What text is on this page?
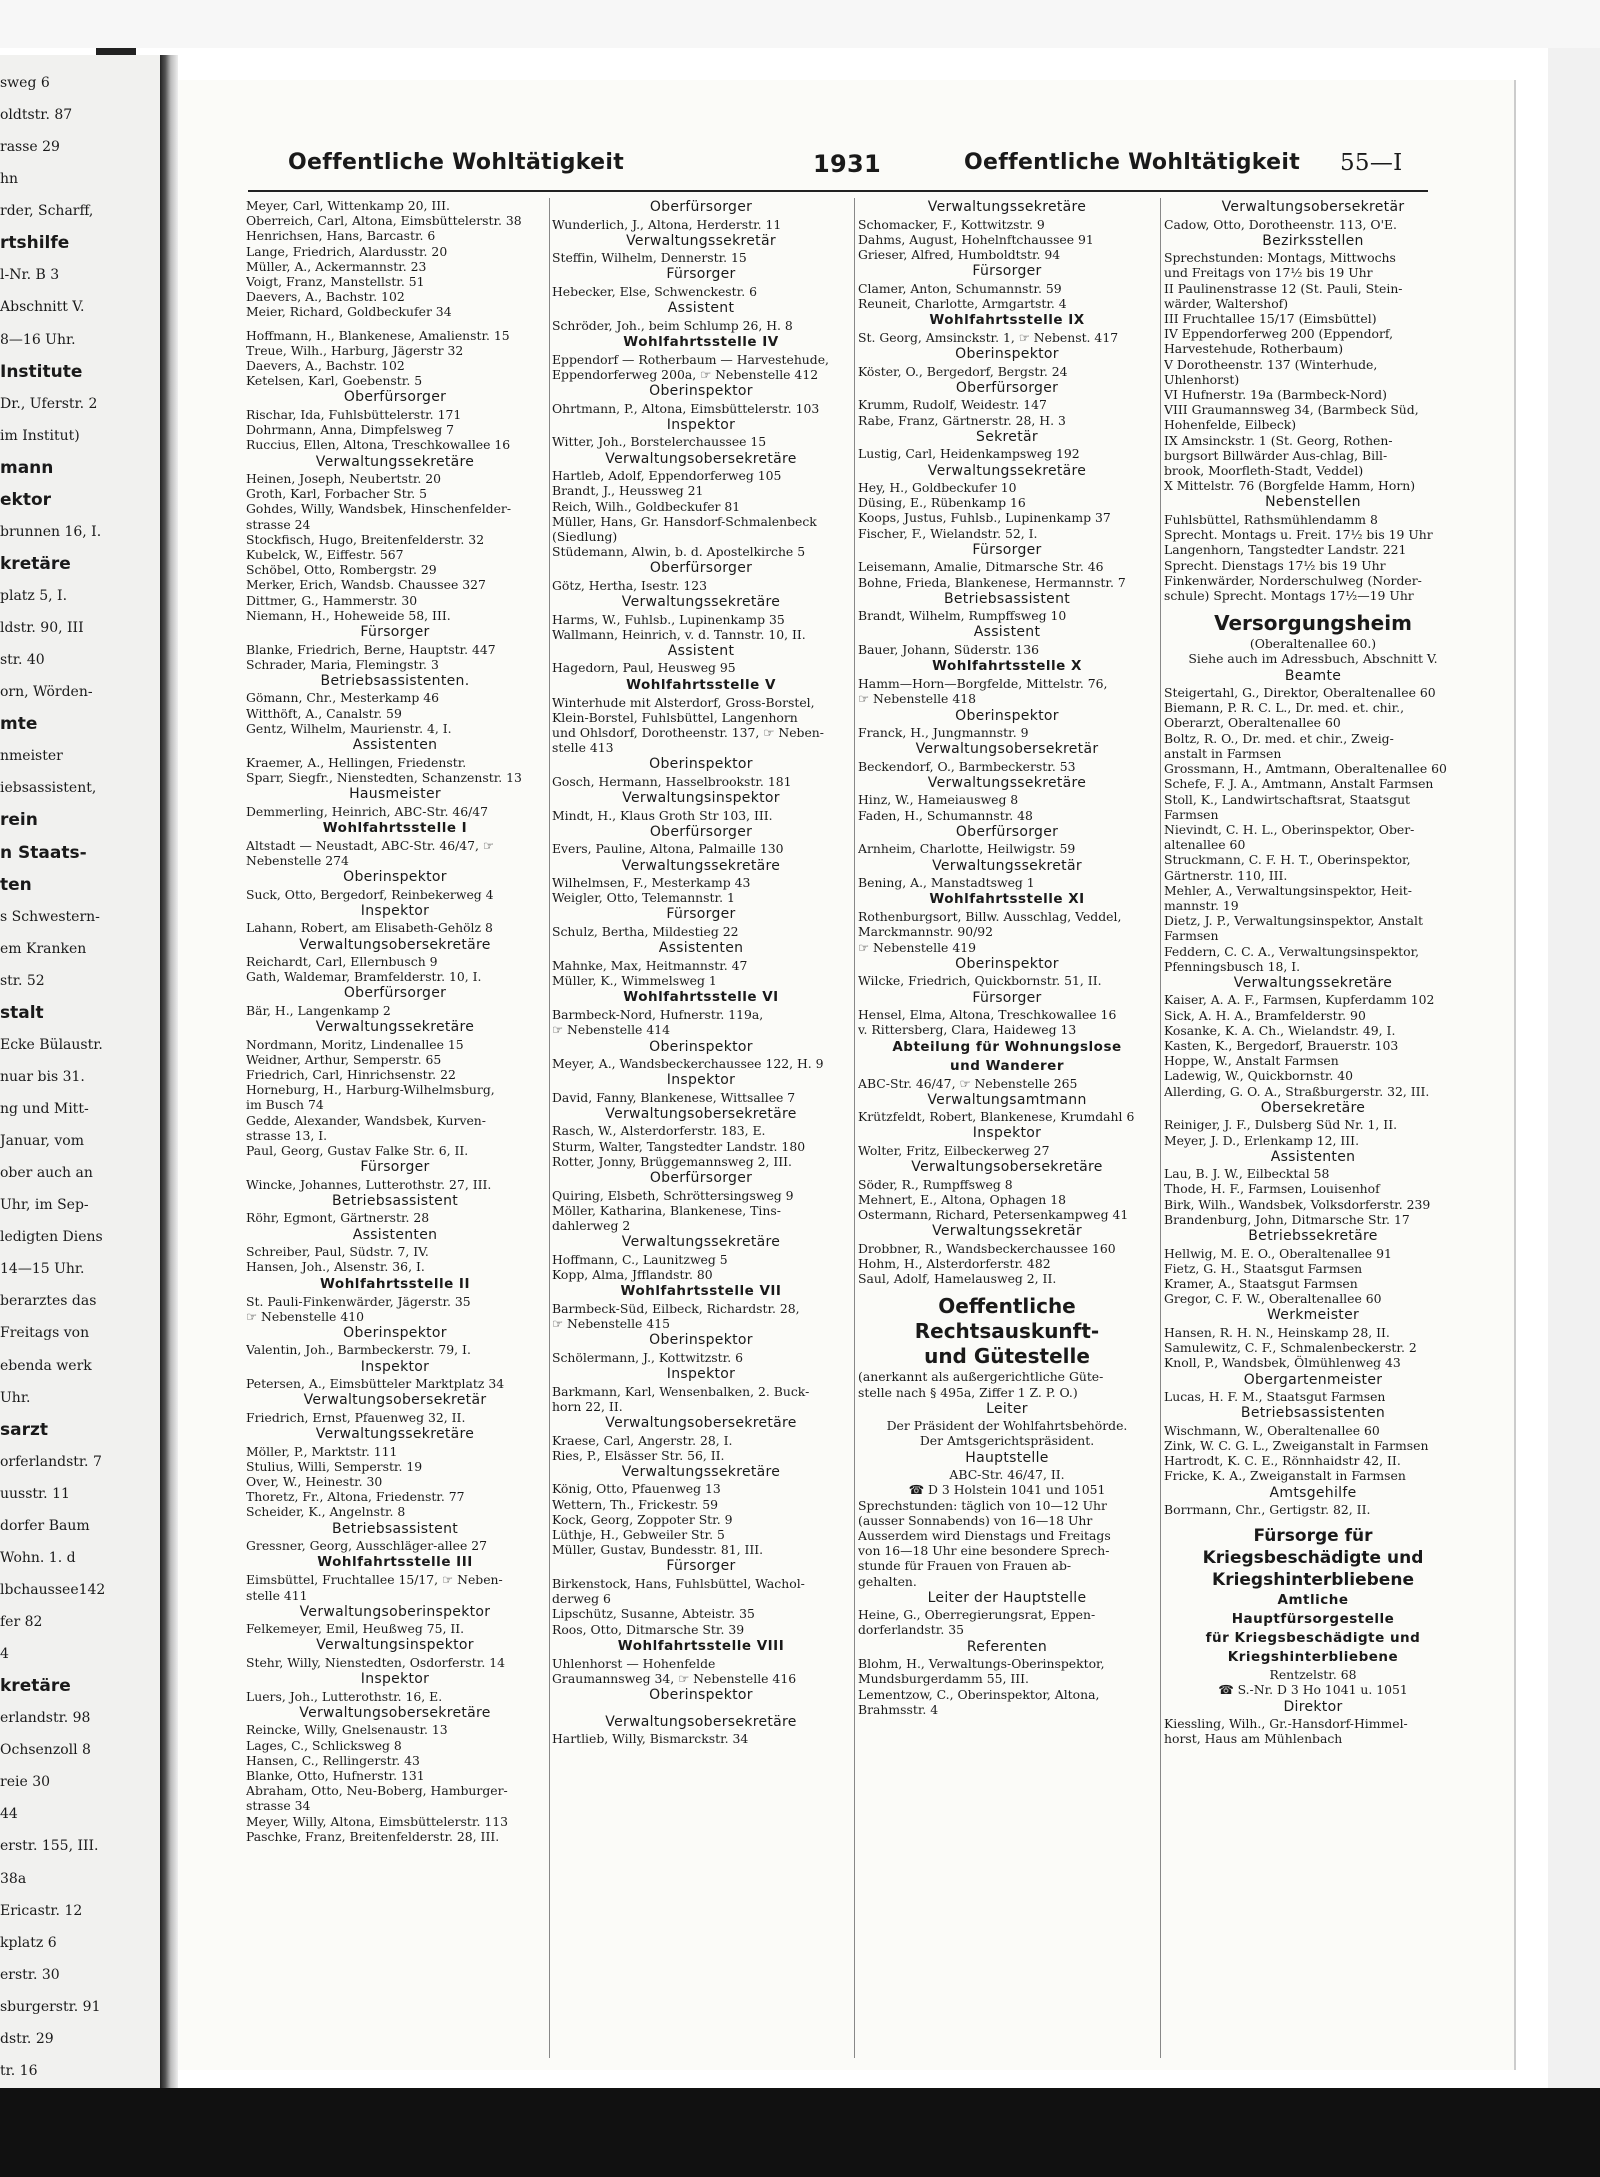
sweg 6
oldtstr. 87
rasse 29
hn
rder, Scharff,
rtshilfe
l-Nr. B 3
Abschnitt V.
8—16 Uhr.
Institute
Dr., Uferstr. 2
im Institut)
mann
ektor
brunnen 16, I.
kretäre
platz 5, I.
ldstr. 90, III
str. 40
orn, Wörden-
mte
nmeister
iebsassistent,
rein
n Staats-
ten
s Schwestern-
em Kranken
str. 52
stalt
Ecke Bülaustr.
nuar bis 31.
ng und Mitt-
Januar, vom
ober auch an
Uhr, im Sep-
ledigten Diens
14—15 Uhr.
berarztes das
Freitags von
ebenda werk
Uhr.
sarzt
orferlandstr. 7
uusstr. 11
dorfer Baum
Wohn. 1. d
lbchaussee142
fer 82
4
kretäre
erlandstr. 98
Ochsenzoll 8
reie 30
44
erstr. 155, III.
38a
Ericastr. 12
kplatz 6
erstr. 30
sburgerstr. 91
dstr. 29
tr. 16
Oeffentliche Wohltätigkeit	1931	Oeffentliche Wohltätigkeit 55—I
Meyer, Carl, Wittenkamp 20, III.
Oberreich, Carl, Altona, Eimsbüttelerstr. 38
Henrichsen, Hans, Barcastr. 6
Lange, Friedrich, Alardusstr. 20
Müller, A., Ackermannstr. 23
Voigt, Franz, Manstellstr. 51
Daevers, A., Bachstr. 102
Meier, Richard, Goldbeckufer 34
Hoffmann, H., Blankenese, Amalienstr. 15
Treue, Wilh., Harburg, Jägerstr 32
Daevers, A., Bachstr. 102
Ketelsen, Karl, Goebenstr. 5
Oberfürsorger
Rischar, Ida, Fuhlsbüttelerstr. 171
Dohrmann, Anna, Dimpfelsweg 7
Ruccius, Ellen, Altona, Treschkowallee 16
Verwaltungssekretäre
Heinen, Joseph, Neubertstr. 20
Groth, Karl, Forbacher Str. 5
Gohdes, Willy, Wandsbek, Hinschenfelder-
strasse 24
Stockfisch, Hugo, Breitenfelderstr. 32
Kubelck, W., Eiffestr. 567
Schöbel, Otto, Rombergstr. 29
Merker, Erich, Wandsb. Chaussee 327
Dittmer, G., Hammerstr. 30
Niemann, H., Hoheweide 58, III.
Fürsorger
Blanke, Friedrich, Berne, Hauptstr. 447
Schrader, Maria, Flemingstr. 3
Betriebsassistenten.
Gömann, Chr., Mesterkamp 46
Witthöft, A., Canalstr. 59
Gentz, Wilhelm, Maurienstr. 4, I.
Assistenten
Kraemer, A., Hellingen, Friedenstr.
Sparr, Siegfr., Nienstedten, Schanzenstr. 13
Hausmeister
Demmerling, Heinrich, ABC-Str. 46/47
Wohlfahrtsstelle I
Altstadt — Neustadt, ABC-Str. 46/47, ☞
Nebenstelle 274
Oberinspektor
Suck, Otto, Bergedorf, Reinbekerweg 4
Inspektor
Lahann, Robert, am Elisabeth-Gehölz 8
Verwaltungsobersekretäre
Reichardt, Carl, Ellernbusch 9
Gath, Waldemar, Bramfelderstr. 10, I.
Oberfürsorger
Bär, H., Langenkamp 2
Verwaltungssekretäre
Nordmann, Moritz, Lindenallee 15
Weidner, Arthur, Semperstr. 65
Friedrich, Carl, Hinrichsenstr. 22
Horneburg, H., Harburg-Wilhelmsburg,
im Busch 74
Gedde, Alexander, Wandsbek, Kurven-
strasse 13, I.
Paul, Georg, Gustav Falke Str. 6, II.
Fürsorger
Wincke, Johannes, Lutterothstr. 27, III.
Betriebsassistent
Röhr, Egmont, Gärtnerstr. 28
Assistenten
Schreiber, Paul, Südstr. 7, IV.
Hansen, Joh., Alsenstr. 36, I.
Wohlfahrtsstelle II
St. Pauli-Finkenwärder, Jägerstr. 35
☞ Nebenstelle 410
Oberinspektor
Valentin, Joh., Barmbeckerstr. 79, I.
Inspektor
Petersen, A., Eimsbütteler Marktplatz 34
Verwaltungsobersekretär
Friedrich, Ernst, Pfauenweg 32, II.
Verwaltungssekretäre
Möller, P., Marktstr. 111
Stulius, Willi, Semperstr. 19
Over, W., Heinestr. 30
Thoretz, Fr., Altona, Friedenstr. 77
Scheider, K., Angelnstr. 8
Betriebsassistent
Gressner, Georg, Ausschläger-allee 27
Wohlfahrtsstelle III
Eimsbüttel, Fruchtallee 15/17, ☞ Neben-
stelle 411
Verwaltungsoberinspektor
Felkemeyer, Emil, Heußweg 75, II.
Verwaltungsinspektor
Stehr, Willy, Nienstedten, Osdorferstr. 14
Inspektor
Luers, Joh., Lutterothstr. 16, E.
Verwaltungsobersekretäre
Reincke, Willy, Gnelsenaustr. 13
Lages, C., Schlicksweg 8
Hansen, C., Rellingerstr. 43
Blanke, Otto, Hufnerstr. 131
Abraham, Otto, Neu-Boberg, Hamburger-
strasse 34
Meyer, Willy, Altona, Eimsbüttelerstr. 113
Paschke, Franz, Breitenfelderstr. 28, III.
Oberfürsorger
Wunderlich, J., Altona, Herderstr. 11
Verwaltungssekretär
Steffin, Wilhelm, Dennerstr. 15
Fürsorger
Hebecker, Else, Schwenckestr. 6
Assistent
Schröder, Joh., beim Schlump 26, H. 8
Wohlfahrtsstelle IV
Eppendorf — Rotherbaum — Harvestehude,
Eppendorferweg 200a, ☞ Nebenstelle 412
Oberinspektor
Ohrtmann, P., Altona, Eimsbüttelerstr. 103
Inspektor
Witter, Joh., Borstelerchaussee 15
Verwaltungsobersekretäre
Hartleb, Adolf, Eppendorferweg 105
Brandt, J., Heussweg 21
Reich, Wilh., Goldbeckufer 81
Müller, Hans, Gr. Hansdorf-Schmalenbeck
(Siedlung)
Stüdemann, Alwin, b. d. Apostelkirche 5
Oberfürsorger
Götz, Hertha, Isestr. 123
Verwaltungssekretäre
Harms, W., Fuhlsb., Lupinenkamp 35
Wallmann, Heinrich, v. d. Tannstr. 10, II.
Assistent
Hagedorn, Paul, Heusweg 95
Wohlfahrtsstelle V
Winterhude mit Alsterdorf, Gross-Borstel,
Klein-Borstel, Fuhlsbüttel, Langenhorn
und Ohlsdorf, Dorotheenstr. 137, ☞ Neben-
stelle 413
Oberinspektor
Gosch, Hermann, Hasselbrookstr. 181
Verwaltungsinspektor
Mindt, H., Klaus Groth Str 103, III.
Oberfürsorger
Evers, Pauline, Altona, Palmaille 130
Verwaltungssekretäre
Wilhelmsen, F., Mesterkamp 43
Weigler, Otto, Telemannstr. 1
Fürsorger
Schulz, Bertha, Mildestieg 22
Assistenten
Mahnke, Max, Heitmannstr. 47
Müller, K., Wimmelsweg 1
Wohlfahrtsstelle VI
Barmbeck-Nord, Hufnerstr. 119a,
☞ Nebenstelle 414
Oberinspektor
Meyer, A., Wandsbeckerchaussee 122, H. 9
Inspektor
David, Fanny, Blankenese, Wittsallee 7
Verwaltungsobersekretäre
Rasch, W., Alsterdorferstr. 183, E.
Sturm, Walter, Tangstedter Landstr. 180
Rotter, Jonny, Brüggemannsweg 2, III.
Oberfürsorger
Quiring, Elsbeth, Schröttersingsweg 9
Möller, Katharina, Blankenese, Tins-
dahlerweg 2
Verwaltungssekretäre
Hoffmann, C., Launitzweg 5
Kopp, Alma, Jfflandstr. 80
Wohlfahrtsstelle VII
Barmbeck-Süd, Eilbeck, Richardstr. 28,
☞ Nebenstelle 415
Oberinspektor
Schölermann, J., Kottwitzstr. 6
Inspektor
Barkmann, Karl, Wensenbalken, 2. Buck-
horn 22, II.
Verwaltungsobersekretäre
Kraese, Carl, Angerstr. 28, I.
Ries, P., Elsässer Str. 56, II.
Verwaltungssekretäre
König, Otto, Pfauenweg 13
Wettern, Th., Frickestr. 59
Kock, Georg, Zoppoter Str. 9
Lüthje, H., Gebweiler Str. 5
Müller, Gustav, Bundesstr. 81, III.
Fürsorger
Birkenstock, Hans, Fuhlsbüttel, Wachol-
derweg 6
Lipschütz, Susanne, Abteistr. 35
Roos, Otto, Ditmarsche Str. 39
Wohlfahrtsstelle VIII
Uhlenhorst — Hohenfelde
Graumannsweg 34, ☞ Nebenstelle 416
Oberinspektor
Verwaltungsobersekretäre
Hartlieb, Willy, Bismarckstr. 34
Verwaltungssekretäre
Schomacker, F., Kottwitzstr. 9
Dahms, August, Hohelnftchaussee 91
Grieser, Alfred, Humboldtstr. 94
Fürsorger
Clamer, Anton, Schumannstr. 59
Reuneit, Charlotte, Armgartstr. 4
Wohlfahrtsstelle IX
St. Georg, Amsinckstr. 1, ☞ Nebenst. 417
Oberinspektor
Köster, O., Bergedorf, Bergstr. 24
Oberfürsorger
Krumm, Rudolf, Weidestr. 147
Rabe, Franz, Gärtnerstr. 28, H. 3
Sekretär
Lustig, Carl, Heidenkampsweg 192
Verwaltungssekretäre
Hey, H., Goldbeckufer 10
Düsing, E., Rübenkamp 16
Koops, Justus, Fuhlsb., Lupinenkamp 37
Fischer, F., Wielandstr. 52, I.
Fürsorger
Leisemann, Amalie, Ditmarsche Str. 46
Bohne, Frieda, Blankenese, Hermannstr. 7
Betriebsassistent
Brandt, Wilhelm, Rumpffsweg 10
Assistent
Bauer, Johann, Süderstr. 136
Wohlfahrtsstelle X
Hamm—Horn—Borgfelde, Mittelstr. 76,
☞ Nebenstelle 418
Oberinspektor
Franck, H., Jungmannstr. 9
Verwaltungsobersekretär
Beckendorf, O., Barmbeckerstr. 53
Verwaltungssekretäre
Hinz, W., Hameiausweg 8
Faden, H., Schumannstr. 48
Oberfürsorger
Arnheim, Charlotte, Heilwigstr. 59
Verwaltungssekretär
Bening, A., Manstadtsweg 1
Wohlfahrtsstelle XI
Rothenburgsort, Billw. Ausschlag, Veddel,
Marckmannstr. 90/92
☞ Nebenstelle 419
Oberinspektor
Wilcke, Friedrich, Quickbornstr. 51, II.
Fürsorger
Hensel, Elma, Altona, Treschkowallee 16
v. Rittersberg, Clara, Haideweg 13
Abteilung für Wohnungslose
und Wanderer
ABC-Str. 46/47, ☞ Nebenstelle 265
Verwaltungsamtmann
Krützfeldt, Robert, Blankenese, Krumdahl 6
Inspektor
Wolter, Fritz, Eilbeckerweg 27
Verwaltungsobersekretäre
Söder, R., Rumpffsweg 8
Mehnert, E., Altona, Ophagen 18
Ostermann, Richard, Petersenkampweg 41
Verwaltungssekretär
Drobbner, R., Wandsbeckerchaussee 160
Hohm, H., Alsterdorferstr. 482
Saul, Adolf, Hamelausweg 2, II.
Oeffentliche
Rechtsauskunft-
und Gütestelle
(anerkannt als außergerichtliche Güte-
stelle nach § 495a, Ziffer 1 Z. P. O.)
Leiter
Der Präsident der Wohlfahrtsbehörde.
Der Amtsgerichtspräsident.
Hauptstelle
ABC-Str. 46/47, II.
☎ D 3 Holstein 1041 und 1051
Sprechstunden: täglich von 10—12 Uhr
(ausser Sonnabends) von 16—18 Uhr
Ausserdem wird Dienstags und Freitags
von 16—18 Uhr eine besondere Sprech-
stunde für Frauen von Frauen ab-
gehalten.
Leiter der Hauptstelle
Heine, G., Oberregierungsrat, Eppen-
dorferlandstr. 35
Referenten
Blohm, H., Verwaltungs-Oberinspektor,
Mundsburgerdamm 55, III.
Lementzow, C., Oberinspektor, Altona,
Brahmsstr. 4
Verwaltungsobersekretär
Cadow, Otto, Dorotheenstr. 113, O'E.
Bezirksstellen
Sprechstunden: Montags, Mittwochs
und Freitags von 17½ bis 19 Uhr
II Paulinenstrasse 12 (St. Pauli, Stein-
wärder, Waltershof)
III Fruchtallee 15/17 (Eimsbüttel)
IV Eppendorferweg 200 (Eppendorf,
Harvestehude, Rotherbaum)
V Dorotheenstr. 137 (Winterhude,
Uhlenhorst)
VI Hufnerstr. 19a (Barmbeck-Nord)
VIII Graumannsweg 34, (Barmbeck Süd,
Hohenfelde, Eilbeck)
IX Amsinckstr. 1 (St. Georg, Rothen-
burgsort Billwärder Aus-chlag, Bill-
brook, Moorfleth-Stadt, Veddel)
X Mittelstr. 76 (Borgfelde Hamm, Horn)
Nebenstellen
Fuhlsbüttel, Rathsmühlendamm 8
Sprecht. Montags u. Freit. 17½ bis 19 Uhr
Langenhorn, Tangstedter Landstr. 221
Sprecht. Dienstags 17½ bis 19 Uhr
Finkenwärder, Norderschulweg (Norder-
schule) Sprecht. Montags 17½—19 Uhr
Versorgungsheim
(Oberaltenallee 60.)
Siehe auch im Adressbuch, Abschnitt V.
Beamte
Steigertahl, G., Direktor, Oberaltenallee 60
Biemann, P. R. C. L., Dr. med. et. chir.,
Oberarzt, Oberaltenallee 60
Boltz, R. O., Dr. med. et chir., Zweig-
anstalt in Farmsen
Grossmann, H., Amtmann, Oberaltenallee 60
Schefe, F. J. A., Amtmann, Anstalt Farmsen
Stoll, K., Landwirtschaftsrat, Staatsgut
Farmsen
Nievindt, C. H. L., Oberinspektor, Ober-
altenallee 60
Struckmann, C. F. H. T., Oberinspektor,
Gärtnerstr. 110, III.
Mehler, A., Verwaltungsinspektor, Heit-
mannstr. 19
Dietz, J. P., Verwaltungsinspektor, Anstalt
Farmsen
Feddern, C. C. A., Verwaltungsinspektor,
Pfenningsbusch 18, I.
Verwaltungssekretäre
Kaiser, A. A. F., Farmsen, Kupferdamm 102
Sick, A. H. A., Bramfelderstr. 90
Kosanke, K. A. Ch., Wielandstr. 49, I.
Kasten, K., Bergedorf, Brauerstr. 103
Hoppe, W., Anstalt Farmsen
Ladewig, W., Quickbornstr. 40
Allerding, G. O. A., Straßburgerstr. 32, III.
Obersekretäre
Reiniger, J. F., Dulsberg Süd Nr. 1, II.
Meyer, J. D., Erlenkamp 12, III.
Assistenten
Lau, B. J. W., Eilbecktal 58
Thode, H. F., Farmsen, Louisenhof
Birk, Wilh., Wandsbek, Volksdorferstr. 239
Brandenburg, John, Ditmarsche Str. 17
Betriebssekretäre
Hellwig, M. E. O., Oberaltenallee 91
Fietz, G. H., Staatsgut Farmsen
Kramer, A., Staatsgut Farmsen
Gregor, C. F. W., Oberaltenallee 60
Werkmeister
Hansen, R. H. N., Heinskamp 28, II.
Samulewitz, C. F., Schmalenbeckerstr. 2
Knoll, P., Wandsbek, Ölmühlenweg 43
Obergartenmeister
Lucas, H. F. M., Staatsgut Farmsen
Betriebsassistenten
Wischmann, W., Oberaltenallee 60
Zink, W. C. G. L., Zweiganstalt in Farmsen
Hartrodt, K. C. E., Rönnhaidstr 42, II.
Fricke, K. A., Zweiganstalt in Farmsen
Amtsgehilfe
Borrmann, Chr., Gertigstr. 82, II.
Fürsorge für
Kriegsbeschädigte und
Kriegshinterbliebene
Amtliche
Hauptfürsorgestelle
für Kriegsbeschädigte und
Kriegshinterbliebene
Rentzelstr. 68
☎ S.-Nr. D 3 Ho 1041 u. 1051
Direktor
Kiessling, Wilh., Gr.-Hansdorf-Himmel-
horst, Haus am Mühlenbach
